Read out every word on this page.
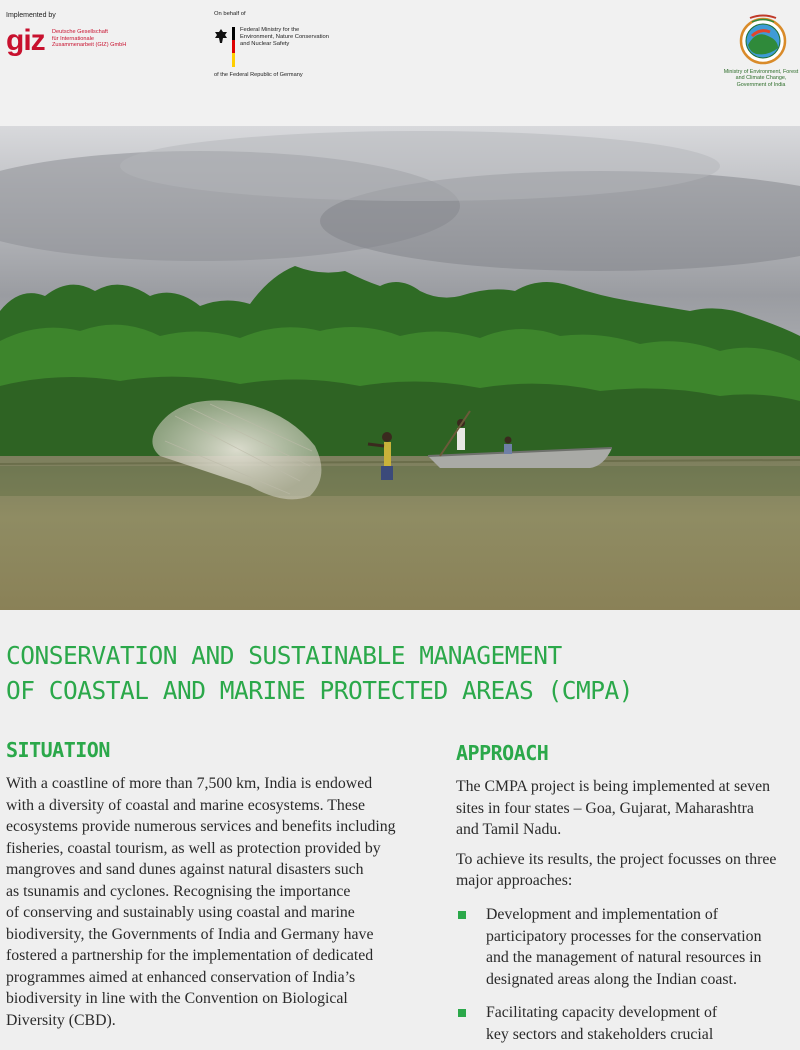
Implemented by
giz Deutsche Gesellschaft
für Internationale
Zusammenarbeit (GIZ) GmbH
On behalf of
Federal Ministry for the
Environment, Nature Conservation
and Nuclear Safety
of the Federal Republic of Germany	Ministry of Environment, Forest
and Climate Change,
Government of India
CONSERVATION AND SUSTAINABLE MANAGEMENT
OF COASTAL AND MARINE PROTECTED AREAS (CMPA)
SITUATION
With a coastline of more than 7,500 km, India is endowed
with a diversity of coastal and marine ecosystems. These
ecosystems provide numerous services and benefits including
fisheries, coastal tourism, as well as protection provided by
mangroves and sand dunes against natural disasters such
as tsunamis and cyclones. Recognising the importance
of conserving and sustainably using coastal and marine
biodiversity, the Governments of India and Germany have
fostered a partnership for the implementation of dedicated
programmes aimed at enhanced conservation of India’s
biodiversity in line with the Convention on Biological
Diversity (CBD).
APPROACH

The CMPA project is being implemented at seven
sites in four states – Goa, Gujarat, Maharashtra
and Tamil Nadu.

To achieve its results, the project focusses on three
major approaches:

Development and implementation of
participatory processes for the conservation
and the management of natural resources in
designated areas along the Indian coast.
Facilitating capacity development of
key sectors and stakeholders crucial
